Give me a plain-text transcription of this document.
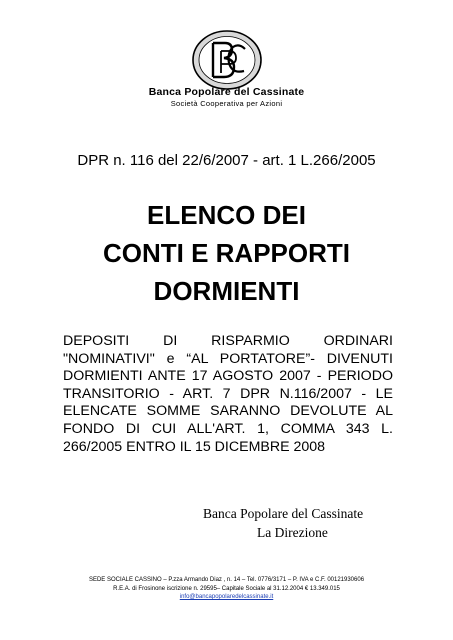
Banca Popolare del Cassinate
Società Cooperativa per Azioni
DPR n. 116 del 22/6/2007 - art. 1 L.266/2005
ELENCO DEI
CONTI E RAPPORTI
DORMIENTI
DEPOSITI DI RISPARMIO ORDINARI
"NOMINATIVI" e “AL PORTATORE”- DIVENUTI
DORMIENTI ANTE 17 AGOSTO 2007 - PERIODO
TRANSITORIO - ART. 7 DPR N.116/2007 - LE
ELENCATE SOMME SARANNO DEVOLUTE AL
FONDO DI CUI ALL'ART. 1, COMMA 343 L.
266/2005 ENTRO IL 15 DICEMBRE 2008
Banca Popolare del Cassinate
La Direzione
SEDE SOCIALE CASSINO – P.zza Armando Diaz , n. 14 – Tel. 0776/3171 – P. IVA e C.F. 00121930606
R.E.A. di Frosinone iscrizione n. 29595– Capitale Sociale al 31.12.2004 € 13.349.015
info@bancapopolaredelcassinate.it
